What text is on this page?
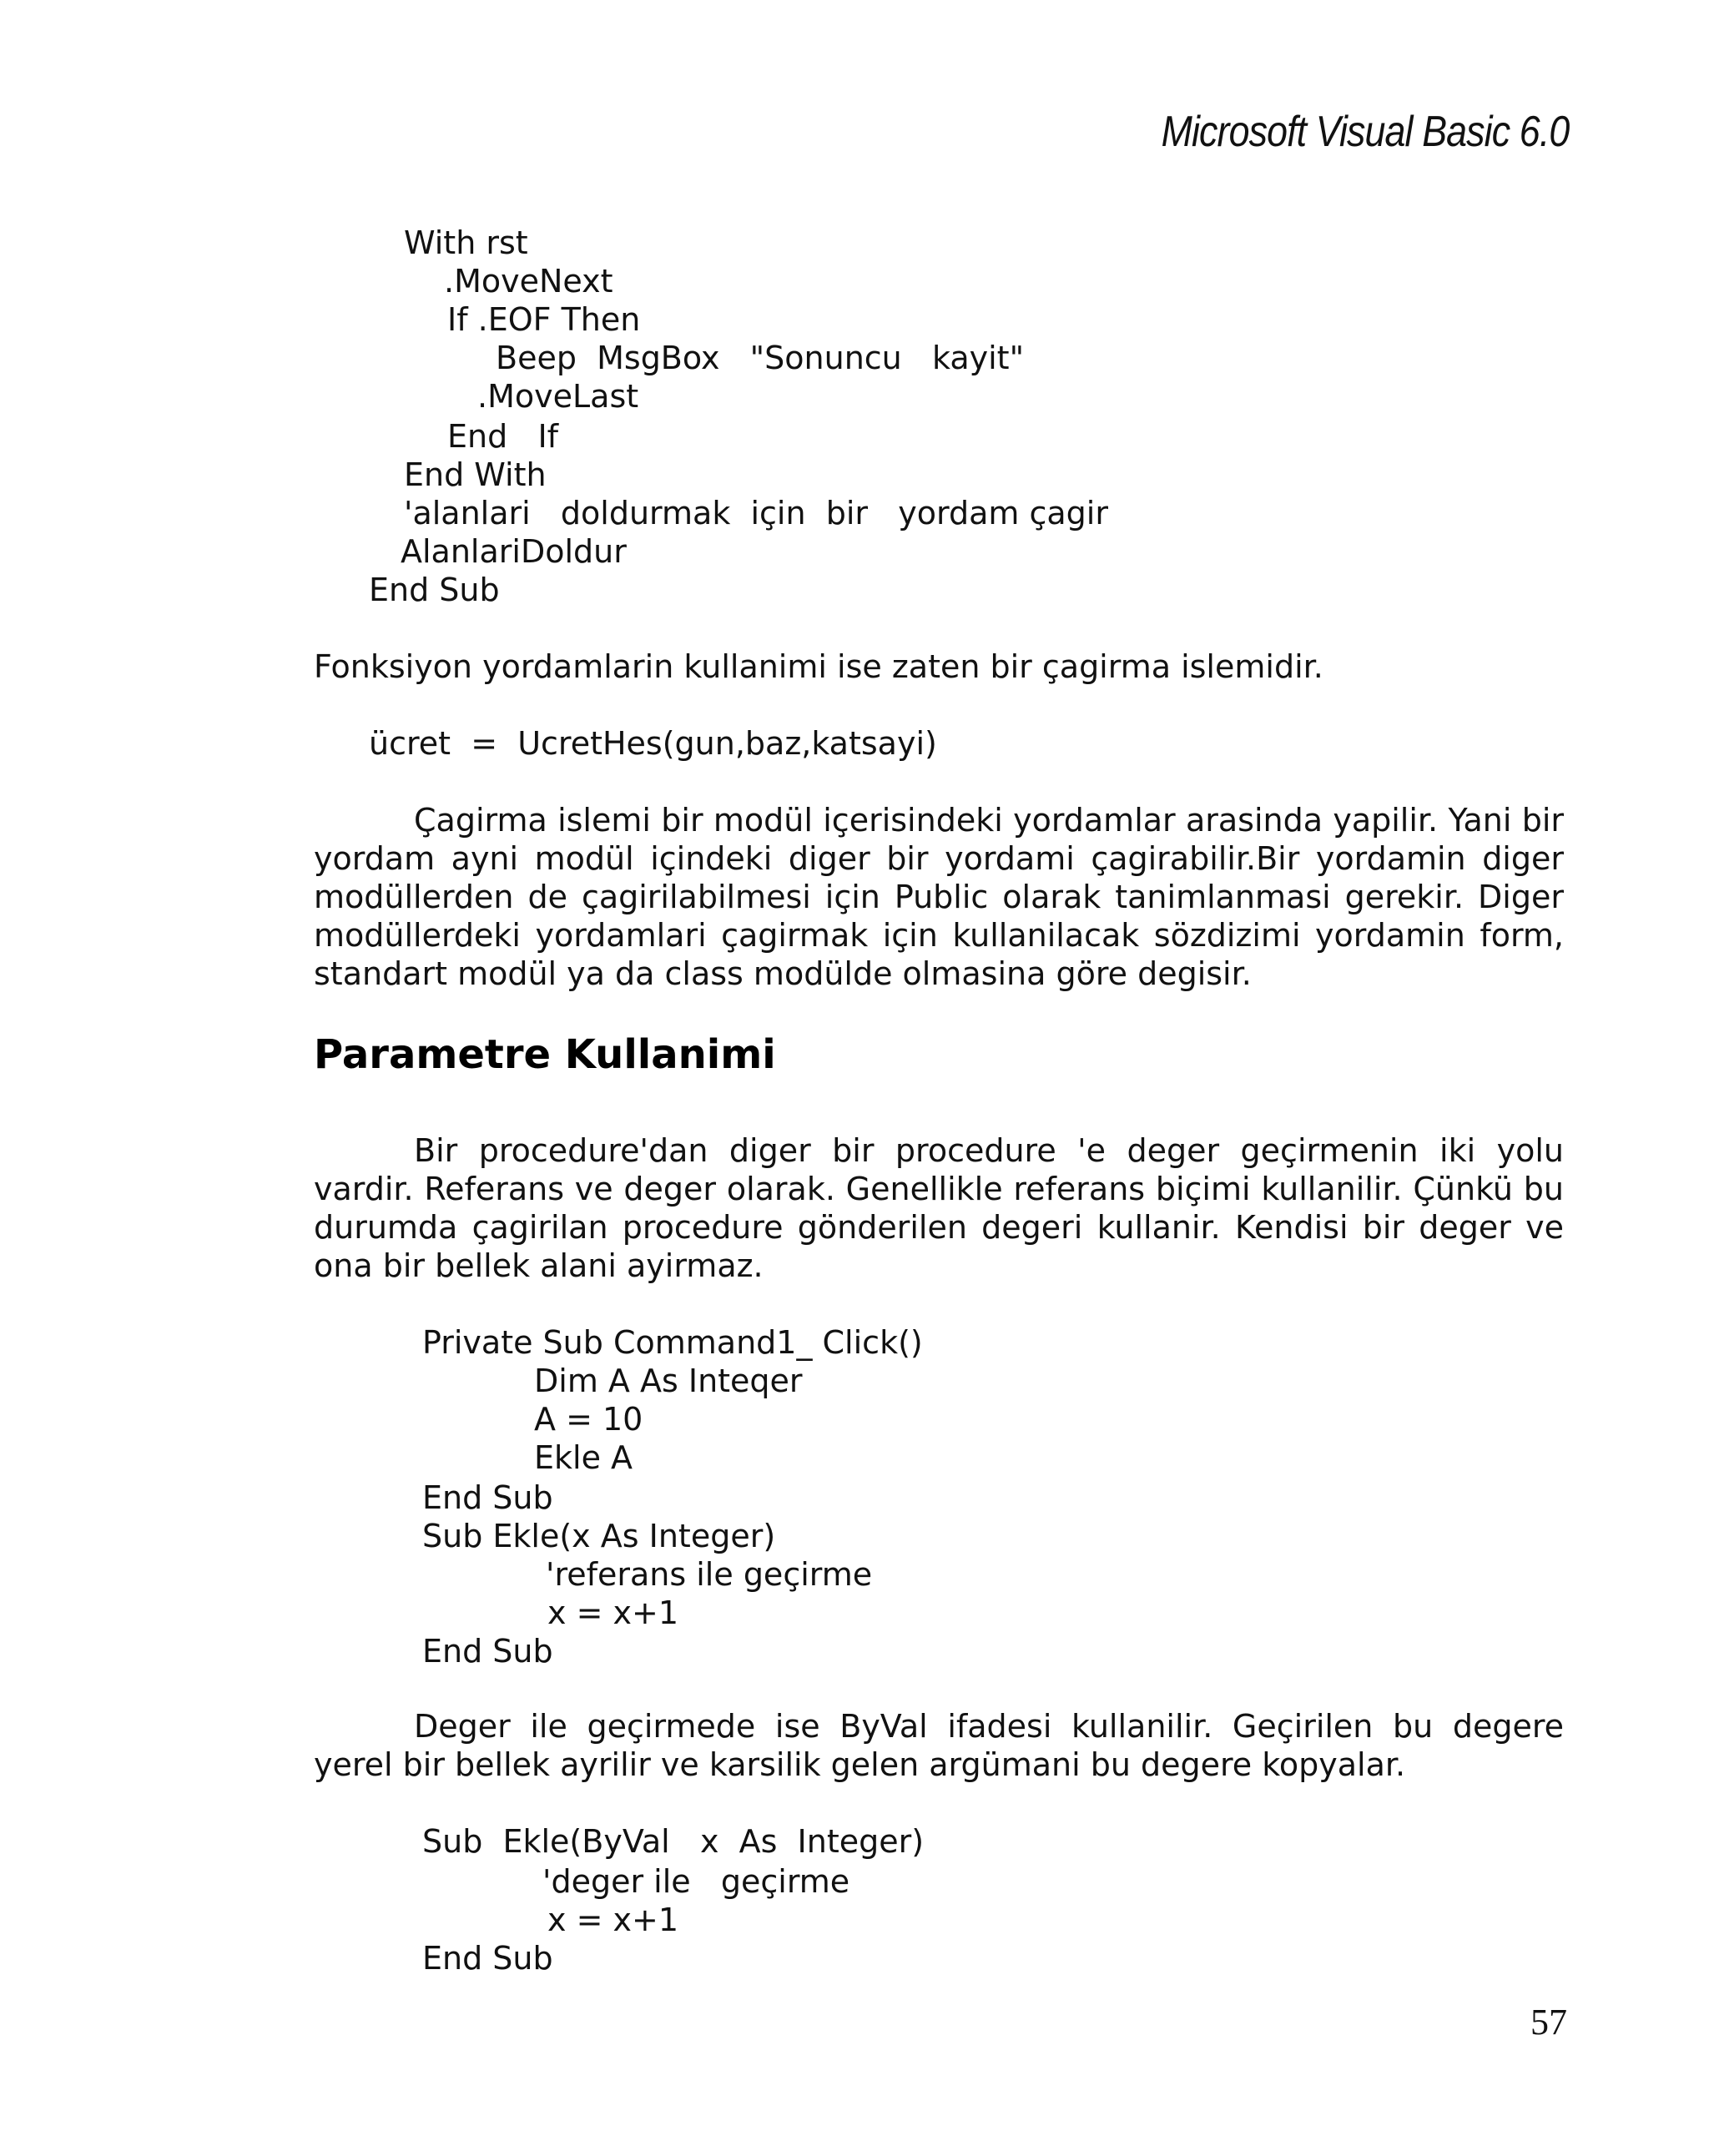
Microsoft Visual Basic 6.0
With rst
.MoveNext
If .EOF Then
Beep  MsgBox   "Sonuncu   kayit"
.MoveLast
End   If
End With
'alanlari   doldurmak  için  bir   yordam çagir
AlanlariDoldur
End Sub
Fonksiyon yordamlarin kullanimi ise zaten bir çagirma islemidir.
ücret  =  UcretHes(gun,baz,katsayi)
Çagirma islemi bir modül içerisindeki yordamlar arasinda yapilir. Yani bir yordam ayni modül içindeki diger bir yordami çagirabilir.Bir yordamin diger modüllerden de çagirilabilmesi için Public olarak tanimlanmasi gerekir. Diger modüllerdeki yordamlari çagirmak için kullanilacak sözdizimi yordamin form, standart modül ya da class modülde olmasina göre degisir.
Parametre Kullanimi
Bir procedure'dan diger bir procedure 'e deger geçirmenin iki yolu vardir. Referans ve deger olarak. Genellikle referans biçimi kullanilir. Çünkü bu durumda çagirilan procedure gönderilen degeri kullanir. Kendisi bir deger ve ona bir bellek alani ayirmaz.
Private Sub Command1_ Click()
Dim A As Inteqer
A = 10
Ekle A
End Sub
Sub Ekle(x As Integer)
'referans ile geçirme
x = x+1
End Sub
Deger ile geçirmede ise ByVal ifadesi kullanilir. Geçirilen bu degere yerel bir bellek ayrilir ve karsilik gelen argümani bu degere kopyalar.
Sub  Ekle(ByVal   x  As  Integer)
'deger ile   geçirme
x = x+1
End Sub
57
